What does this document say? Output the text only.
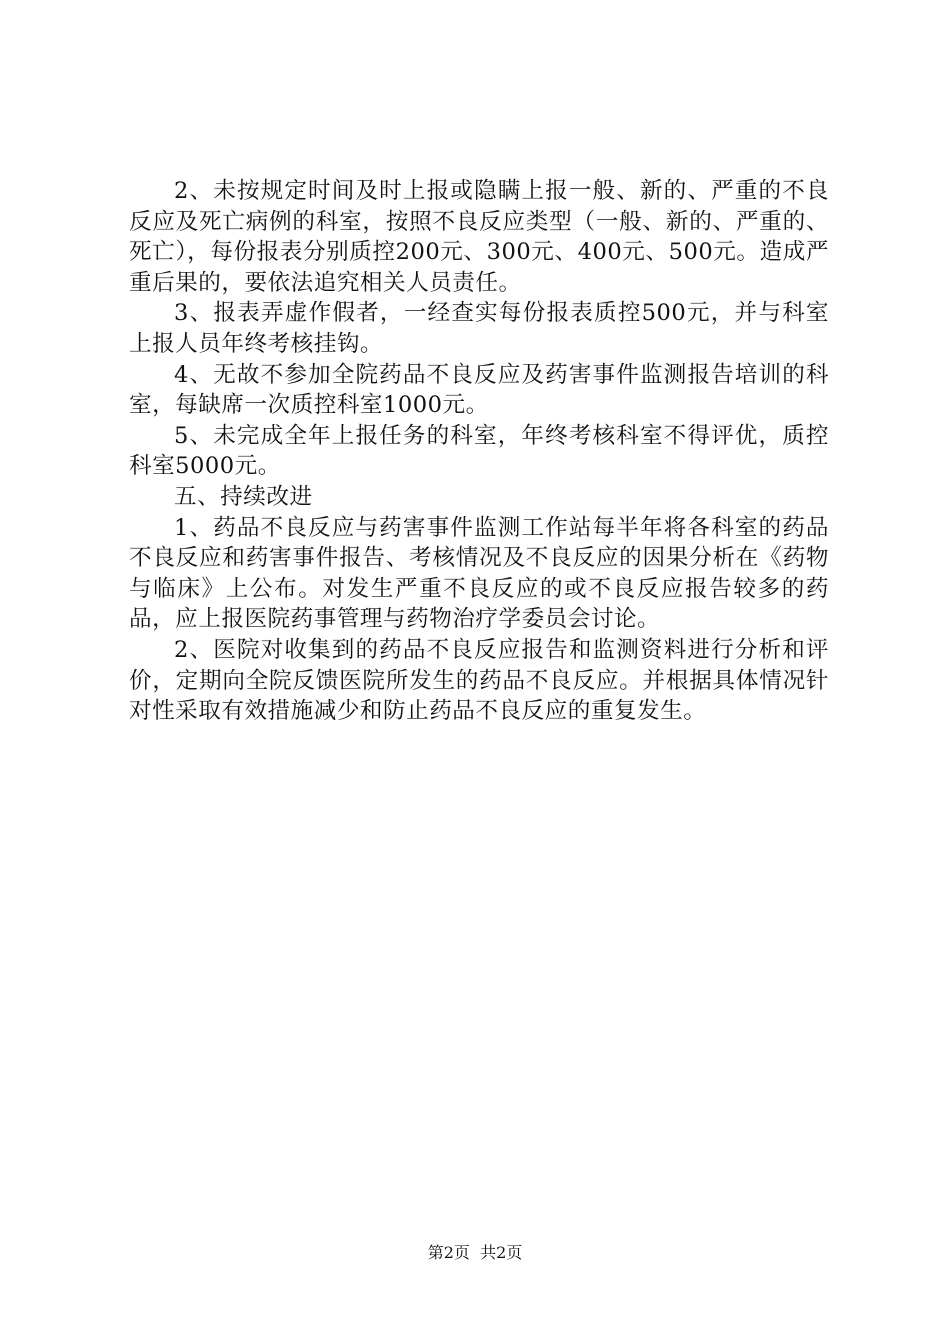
2、未按规定时间及时上报或隐瞒上报一般、新的、严重的不良反应及死亡病例的科室，按照不良反应类型（一般、新的、严重的、死亡），每份报表分别质控200元、300元、400元、500元。造成严重后果的，要依法追究相关人员责任。

3、报表弄虚作假者，一经查实每份报表质控500元，并与科室上报人员年终考核挂钩。

4、无故不参加全院药品不良反应及药害事件监测报告培训的科室，每缺席一次质控科室1000元。

5、未完成全年上报任务的科室，年终考核科室不得评优，质控科室5000元。

五、持续改进

1、药品不良反应与药害事件监测工作站每半年将各科室的药品不良反应和药害事件报告、考核情况及不良反应的因果分析在《药物与临床》上公布。对发生严重不良反应的或不良反应报告较多的药品，应上报医院药事管理与药物治疗学委员会讨论。

2、医院对收集到的药品不良反应报告和监测资料进行分析和评价，定期向全院反馈医院所发生的药品不良反应。并根据具体情况针对性采取有效措施减少和防止药品不良反应的重复发生。

第2页  共2页
